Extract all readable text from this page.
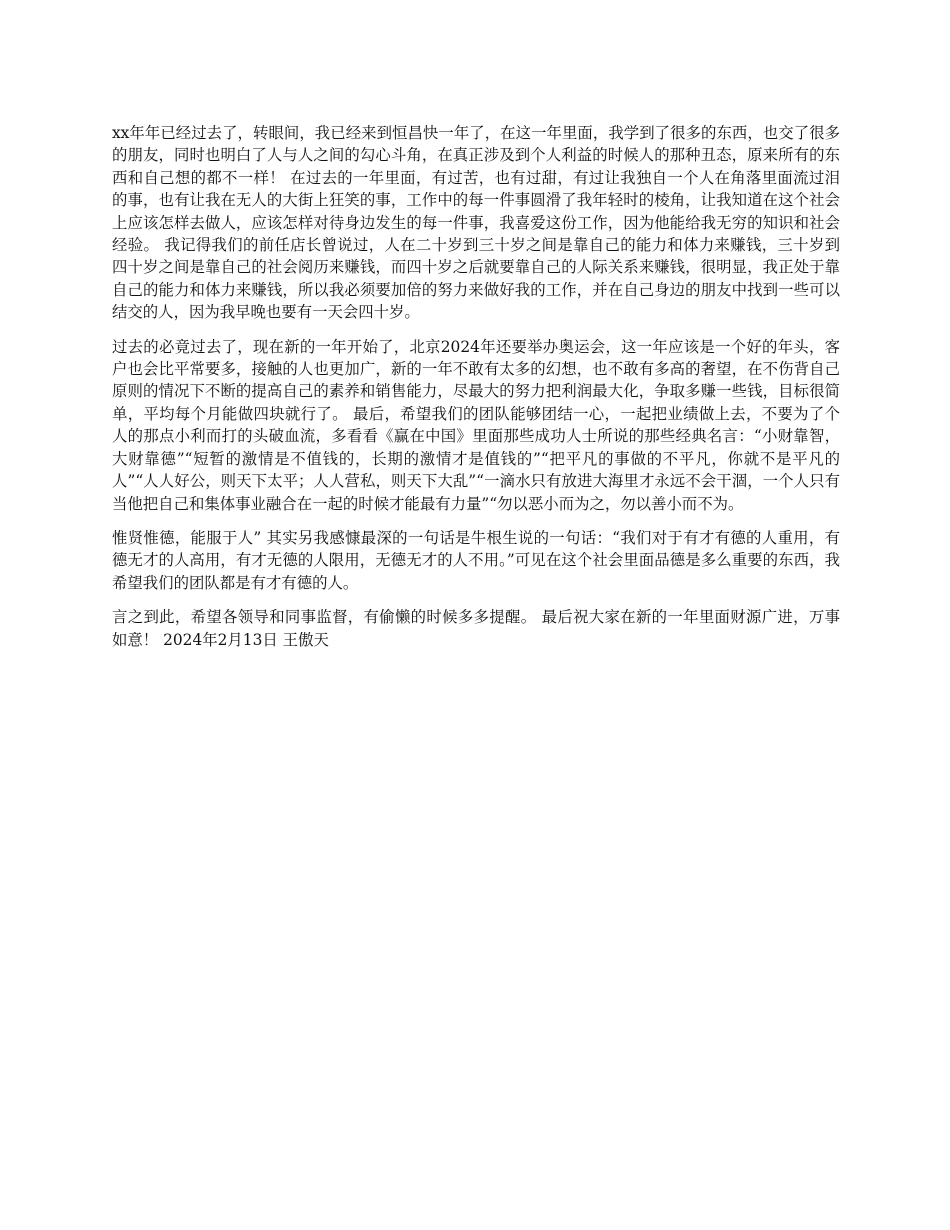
xx年年已经过去了，转眼间，我已经来到恒昌快一年了，在这一年里面，我学到了很多的东西，也交了很多的朋友，同时也明白了人与人之间的勾心斗角，在真正涉及到个人利益的时候人的那种丑态，原来所有的东西和自己想的都不一样！ 在过去的一年里面，有过苦，也有过甜，有过让我独自一个人在角落里面流过泪的事，也有让我在无人的大街上狂笑的事，工作中的每一件事圆滑了我年轻时的棱角，让我知道在这个社会上应该怎样去做人，应该怎样对待身边发生的每一件事，我喜爱这份工作，因为他能给我无穷的知识和社会经验。 我记得我们的前任店长曾说过，人在二十岁到三十岁之间是靠自己的能力和体力来赚钱，三十岁到四十岁之间是靠自己的社会阅历来赚钱，而四十岁之后就要靠自己的人际关系来赚钱，很明显，我正处于靠自己的能力和体力来赚钱，所以我必须要加倍的努力来做好我的工作，并在自己身边的朋友中找到一些可以结交的人，因为我早晚也要有一天会四十岁。

过去的必竟过去了，现在新的一年开始了，北京2024年还要举办奥运会，这一年应该是一个好的年头，客户也会比平常要多，接触的人也更加广，新的一年不敢有太多的幻想，也不敢有多高的奢望，在不伤背自己原则的情况下不断的提高自己的素养和销售能力，尽最大的努力把利润最大化，争取多赚一些钱，目标很简单，平均每个月能做四块就行了。 最后，希望我们的团队能够团结一心，一起把业绩做上去，不要为了个人的那点小利而打的头破血流，多看看《赢在中国》里面那些成功人士所说的那些经典名言：“小财靠智，大财靠德”“短暂的激情是不值钱的，长期的激情才是值钱的”“把平凡的事做的不平凡，你就不是平凡的人”“人人好公，则天下太平；人人营私，则天下大乱”“一滴水只有放进大海里才永远不会干涸，一个人只有当他把自己和集体事业融合在一起的时候才能最有力量”“勿以恶小而为之，勿以善小而不为。

惟贤惟德，能服于人” 其实另我感慷最深的一句话是牛根生说的一句话：“我们对于有才有德的人重用，有德无才的人高用，有才无德的人限用，无德无才的人不用。”可见在这个社会里面品德是多么重要的东西，我希望我们的团队都是有才有德的人。

言之到此，希望各领导和同事监督，有偷懒的时候多多提醒。 最后祝大家在新的一年里面财源广进，万事如意！ 2024年2月13日 王傲天
